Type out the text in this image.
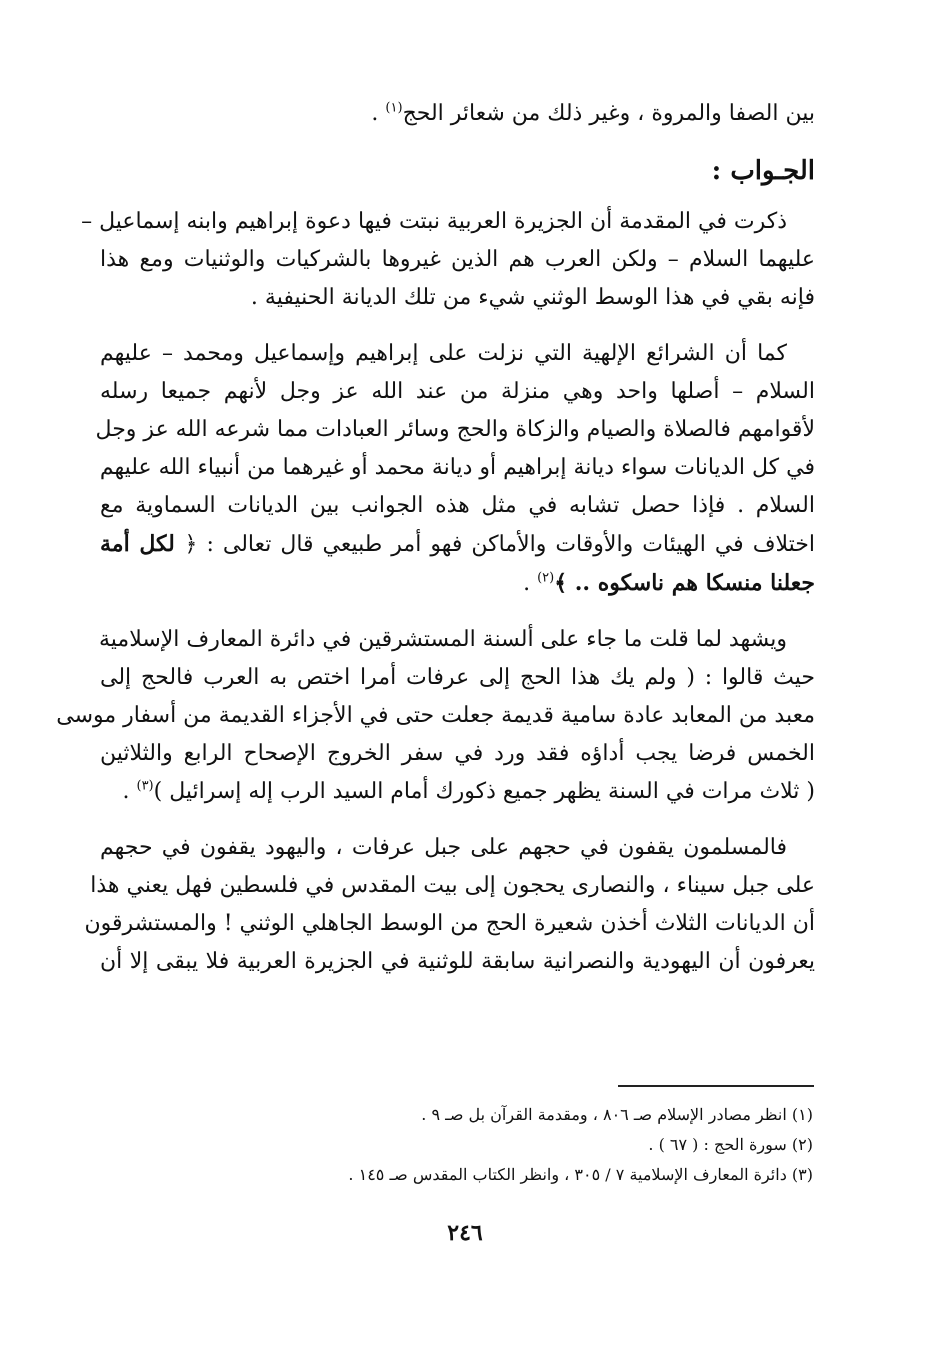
بين الصفا والمروة ، وغير ذلك من شعائر الحج$^{(١)}$ .
الجـواب :
ذكرت في المقدمة أن الجزيرة العربية نبتت فيها دعوة إبراهيم وابنه إسماعيل –
عليهما السلام – ولكن العرب هم الذين غيروها بالشركيات والوثنيات ومع هذا
فإنه بقي في هذا الوسط الوثني شيء من تلك الديانة الحنيفية .
كما أن الشرائع الإلهية التي نزلت على إبراهيم وإسماعيل ومحمد – عليهم
السلام – أصلها واحد وهي منزلة من عند الله عز وجل لأنهم جميعا رسله
لأقوامهم فالصلاة والصيام والزكاة والحج وسائر العبادات مما شرعه الله عز وجل
في كل الديانات سواء ديانة إبراهيم أو ديانة محمد أو غيرهما من أنبياء الله عليهم
السلام . فإذا حصل تشابه في مثل هذه الجوانب بين الديانات السماوية مع
اختلاف في الهيئات والأوقات والأماكن فهو أمر طبيعي قال تعالى : ﴿ لكل أمة
جعلنا منسكا هم ناسكوه .. ﴾$^{(٢)}$ .
ويشهد لما قلت ما جاء على ألسنة المستشرقين في دائرة المعارف الإسلامية
حيث قالوا : ( ولم يك هذا الحج إلى عرفات أمرا اختص به العرب فالحج إلى
معبد من المعابد عادة سامية قديمة جعلت حتى في الأجزاء القديمة من أسفار موسى
الخمس فرضا يجب أداؤه فقد ورد في سفر الخروج الإصحاح الرابع والثلاثين
( ثلاث مرات في السنة يظهر جميع ذكورك أمام السيد الرب إله إسرائيل )$^{(٣)}$ .
فالمسلمون يقفون في حجهم على جبل عرفات ، واليهود يقفون في حجهم
على جبل سيناء ، والنصارى يحجون إلى بيت المقدس في فلسطين فهل يعني هذا
أن الديانات الثلاث أخذن شعيرة الحج من الوسط الجاهلي الوثني ! والمستشرقون
يعرفون أن اليهودية والنصرانية سابقة للوثنية في الجزيرة العربية فلا يبقى إلا أن
(١) انظر مصادر الإسلام صـ ٨٠٦ ، ومقدمة القرآن بل صـ ٩ .
(٢) سورة الحج : ( ٦٧ ) .
(٣) دائرة المعارف الإسلامية ٧ / ٣٠٥ ، وانظر الكتاب المقدس صـ ١٤٥ .
٢٤٦
